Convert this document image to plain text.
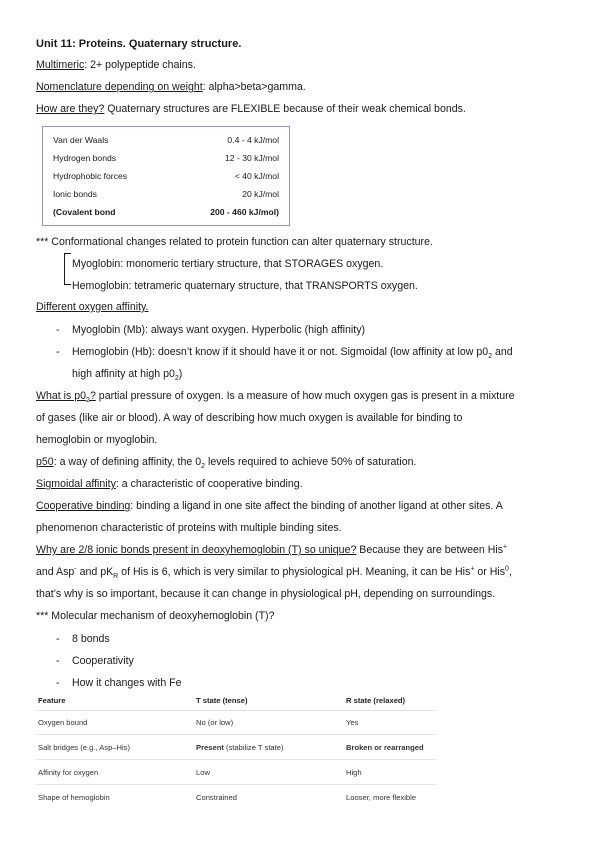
Unit 11: Proteins. Quaternary structure.
Multimeric: 2+ polypeptide chains.
Nomenclature depending on weight: alpha>beta>gamma.
How are they? Quaternary structures are FLEXIBLE because of their weak chemical bonds.
Van der Waals	0.4 - 4 kJ/mol
Hydrogen bonds	12 - 30 kJ/mol
Hydrophobic forces	< 40 kJ/mol
Ionic bonds	20 kJ/mol
(Covalent bond	200 - 460 kJ/mol)
*** Conformational changes related to protein function can alter quaternary structure.
Myoglobin: monomeric tertiary structure, that STORAGES oxygen.
Hemoglobin: tetrameric quaternary structure, that TRANSPORTS oxygen.
Different oxygen affinity.
- Myoglobin (Mb): always want oxygen. Hyperbolic (high affinity)
- Hemoglobin (Hb): doesn’t know if it should have it or not. Sigmoidal (low affinity at low $p0_2$ and
high affinity at high $p0_2$)
What is $p0_2$? partial pressure of oxygen. Is a measure of how much oxygen gas is present in a mixture
of gases (like air or blood). A way of describing how much oxygen is available for binding to
hemoglobin or myoglobin.
p50: a way of defining affinity, the $0_2$ levels required to achieve 50% of saturation.
Sigmoidal affinity: a characteristic of cooperative binding.
Cooperative binding: binding a ligand in one site affect the binding of another ligand at other sites. A
phenomenon characteristic of proteins with multiple binding sites.
Why are 2/8 ionic bonds present in deoxyhemoglobin (T) so unique? Because they are between His+
and Asp- and $pK_R$ of His is 6, which is very similar to physiological pH. Meaning, it can be His+ or His$^0$,
that’s why is so important, because it can change in physiological pH, depending on surroundings.
*** Molecular mechanism of deoxyhemoglobin (T)?
- 8 bonds
- Cooperativity
- How it changes with Fe
Feature	T state (tense)	R state (relaxed)
Oxygen bound	No (or low)	Yes
Salt bridges (e.g., Asp–His)	Present (stabilize T state)	Broken or rearranged
Affinity for oxygen	Low	High
Shape of hemoglobin	Constrained	Looser, more flexible
